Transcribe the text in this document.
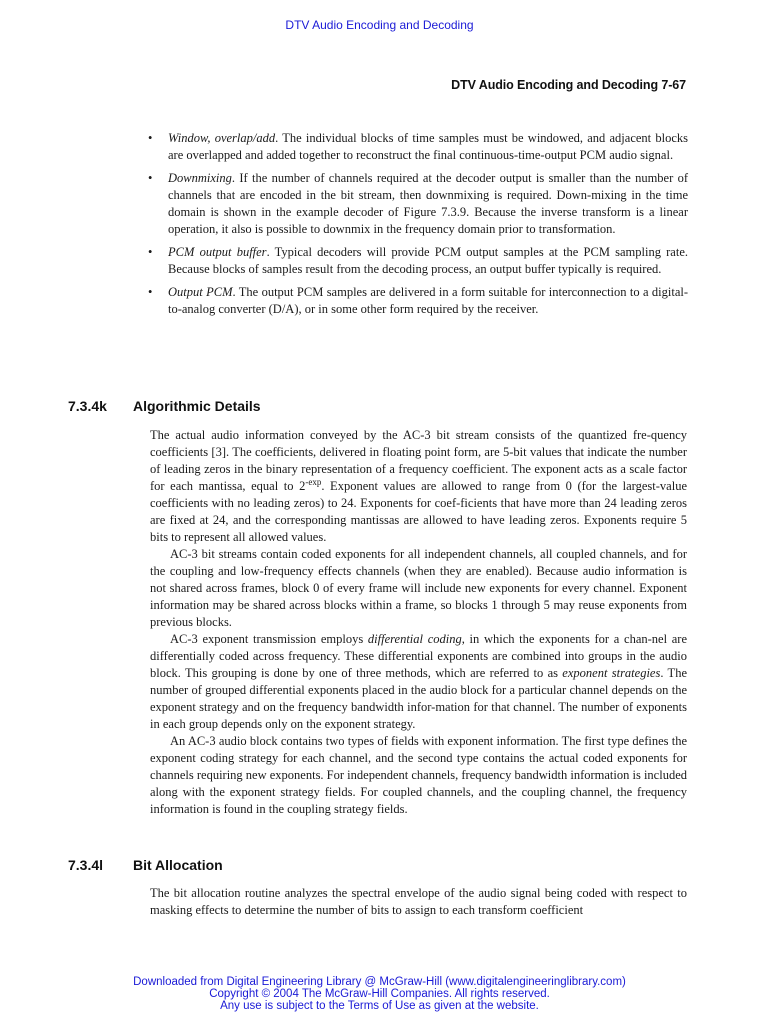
DTV Audio Encoding and Decoding
DTV Audio Encoding and Decoding 7-67
• Window, overlap/add. The individual blocks of time samples must be windowed, and adjacent blocks are overlapped and added together to reconstruct the final continuous-time-output PCM audio signal.
• Downmixing. If the number of channels required at the decoder output is smaller than the number of channels that are encoded in the bit stream, then downmixing is required. Down-mixing in the time domain is shown in the example decoder of Figure 7.3.9. Because the inverse transform is a linear operation, it also is possible to downmix in the frequency domain prior to transformation.
• PCM output buffer. Typical decoders will provide PCM output samples at the PCM sampling rate. Because blocks of samples result from the decoding process, an output buffer typically is required.
• Output PCM. The output PCM samples are delivered in a form suitable for interconnection to a digital-to-analog converter (D/A), or in some other form required by the receiver.
7.3.4k Algorithmic Details

The actual audio information conveyed by the AC-3 bit stream consists of the quantized fre-quency coefficients [3]. The coefficients, delivered in floating point form, are 5-bit values that indicate the number of leading zeros in the binary representation of a frequency coefficient. The exponent acts as a scale factor for each mantissa, equal to $2^{-exp}$. Exponent values are allowed to range from 0 (for the largest-value coefficients with no leading zeros) to 24. Exponents for coef-ficients that have more than 24 leading zeros are fixed at 24, and the corresponding mantissas are allowed to have leading zeros. Exponents require 5 bits to represent all allowed values.

AC-3 bit streams contain coded exponents for all independent channels, all coupled channels, and for the coupling and low-frequency effects channels (when they are enabled). Because audio information is not shared across frames, block 0 of every frame will include new exponents for every channel. Exponent information may be shared across blocks within a frame, so blocks 1 through 5 may reuse exponents from previous blocks.

AC-3 exponent transmission employs differential coding, in which the exponents for a chan-nel are differentially coded across frequency. These differential exponents are combined into groups in the audio block. This grouping is done by one of three methods, which are referred to as exponent strategies. The number of grouped differential exponents placed in the audio block for a particular channel depends on the exponent strategy and on the frequency bandwidth infor-mation for that channel. The number of exponents in each group depends only on the exponent strategy.

An AC-3 audio block contains two types of fields with exponent information. The first type defines the exponent coding strategy for each channel, and the second type contains the actual coded exponents for channels requiring new exponents. For independent channels, frequency bandwidth information is included along with the exponent strategy fields. For coupled channels, and the coupling channel, the frequency information is found in the coupling strategy fields.

7.3.4l Bit Allocation

The bit allocation routine analyzes the spectral envelope of the audio signal being coded with respect to masking effects to determine the number of bits to assign to each transform coefficient

Downloaded from Digital Engineering Library @ McGraw-Hill (www.digitalengineeringlibrary.com)
Copyright © 2004 The McGraw-Hill Companies. All rights reserved.
Any use is subject to the Terms of Use as given at the website.
